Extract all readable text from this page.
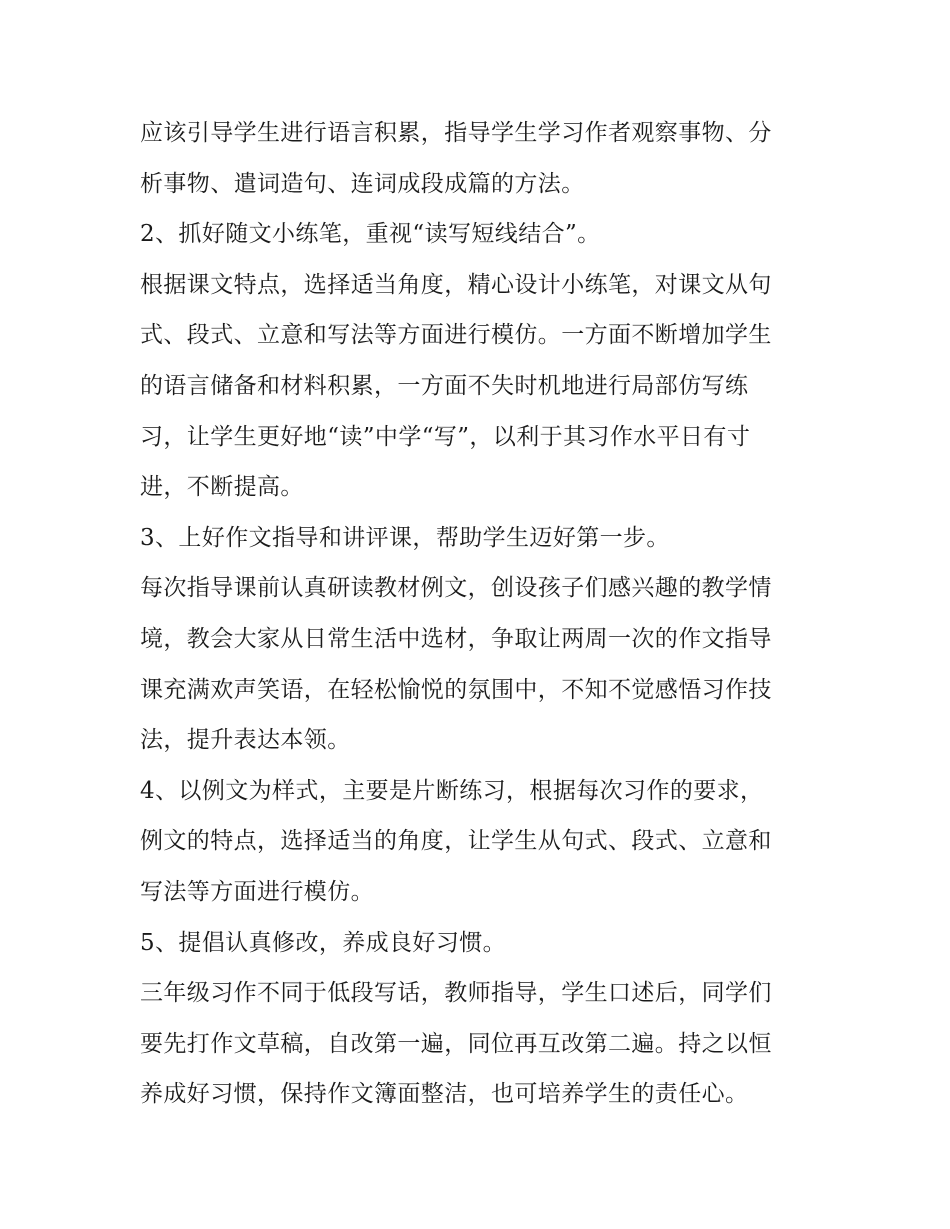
应该引导学生进行语言积累，指导学生学习作者观察事物、分
析事物、遣词造句、连词成段成篇的方法。
2、抓好随文小练笔，重视“读写短线结合”。
根据课文特点，选择适当角度，精心设计小练笔，对课文从句
式、段式、立意和写法等方面进行模仿。一方面不断增加学生
的语言储备和材料积累，一方面不失时机地进行局部仿写练
习，让学生更好地“读”中学“写”，以利于其习作水平日有寸
进，不断提高。
3、上好作文指导和讲评课，帮助学生迈好第一步。
每次指导课前认真研读教材例文，创设孩子们感兴趣的教学情
境，教会大家从日常生活中选材，争取让两周一次的作文指导
课充满欢声笑语，在轻松愉悦的氛围中，不知不觉感悟习作技
法，提升表达本领。
4、以例文为样式，主要是片断练习，根据每次习作的要求，
例文的特点，选择适当的角度，让学生从句式、段式、立意和
写法等方面进行模仿。
5、提倡认真修改，养成良好习惯。
三年级习作不同于低段写话，教师指导，学生口述后，同学们
要先打作文草稿，自改第一遍，同位再互改第二遍。持之以恒
养成好习惯，保持作文簿面整洁，也可培养学生的责任心。
